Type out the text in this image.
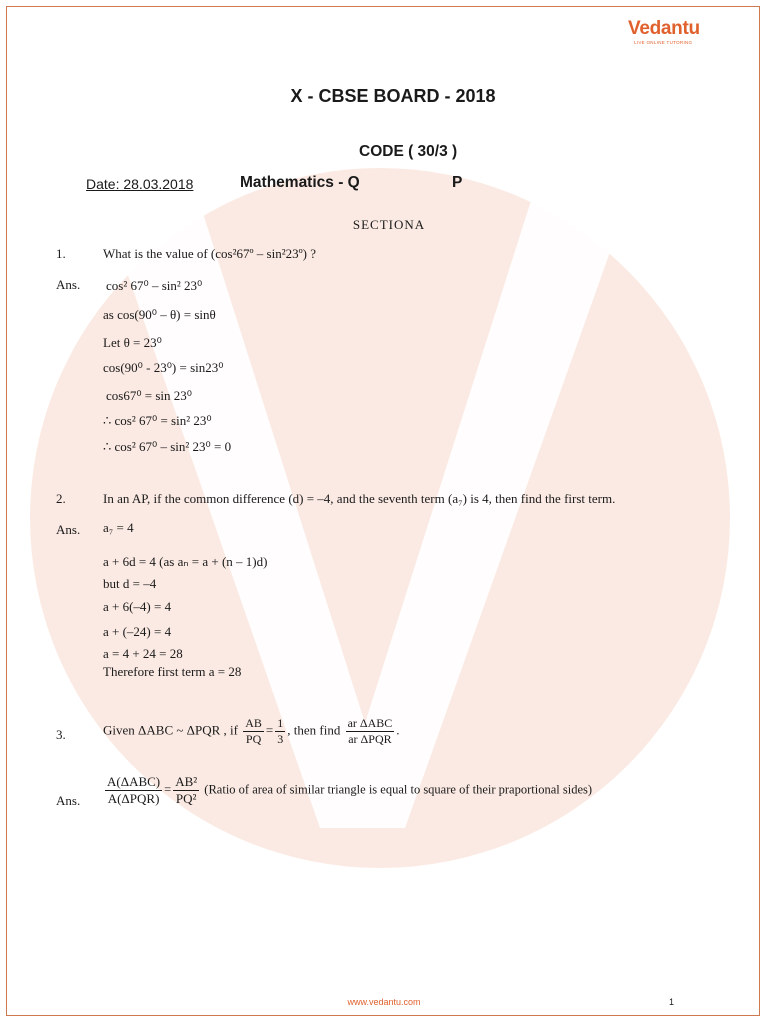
Vedantu
LIVE ONLINE TUTORING
X - CBSE BOARD - 2018
CODE ( 30/3 )
Date: 28.03.2018	Mathematics - Q	P
SECTIONA
1.	What is the value of (cos²67º – sin²23º) ?
Ans. cos² 67⁰ – sin² 23⁰
as cos(90⁰ – θ) = sinθ
Let θ = 23⁰
cos(90⁰ - 23⁰) = sin23⁰
cos67⁰ = sin 23⁰
∴ cos² 67⁰ = sin² 23⁰
∴ cos² 67⁰ – sin² 23⁰ = 0
2.	In an AP, if the common difference (d) = –4, and the seventh term (a₇) is 4, then find the first term.
Ans. a₇ = 4
a + 6d = 4 (as aₙ = a + (n – 1)d)
but d = –4
a + 6(–4) = 4
a + (–24) = 4
a = 4 + 24 = 28
Therefore first term a = 28
3.	Given ΔABC ~ ΔPQR , if $\frac{AB}{PQ} = \frac{1}{3}$ , then find $\frac{\text{ar ΔABC}}{\text{ar ΔPQR}}$ .
Ans. $\frac{\text{A(ΔABC)}}{\text{A(ΔPQR)}} = \frac{\text{AB²}}{\text{PQ²}}$ (Ratio of area of similar triangle is equal to square of their praportional sides)
www.vedantu.com	1
